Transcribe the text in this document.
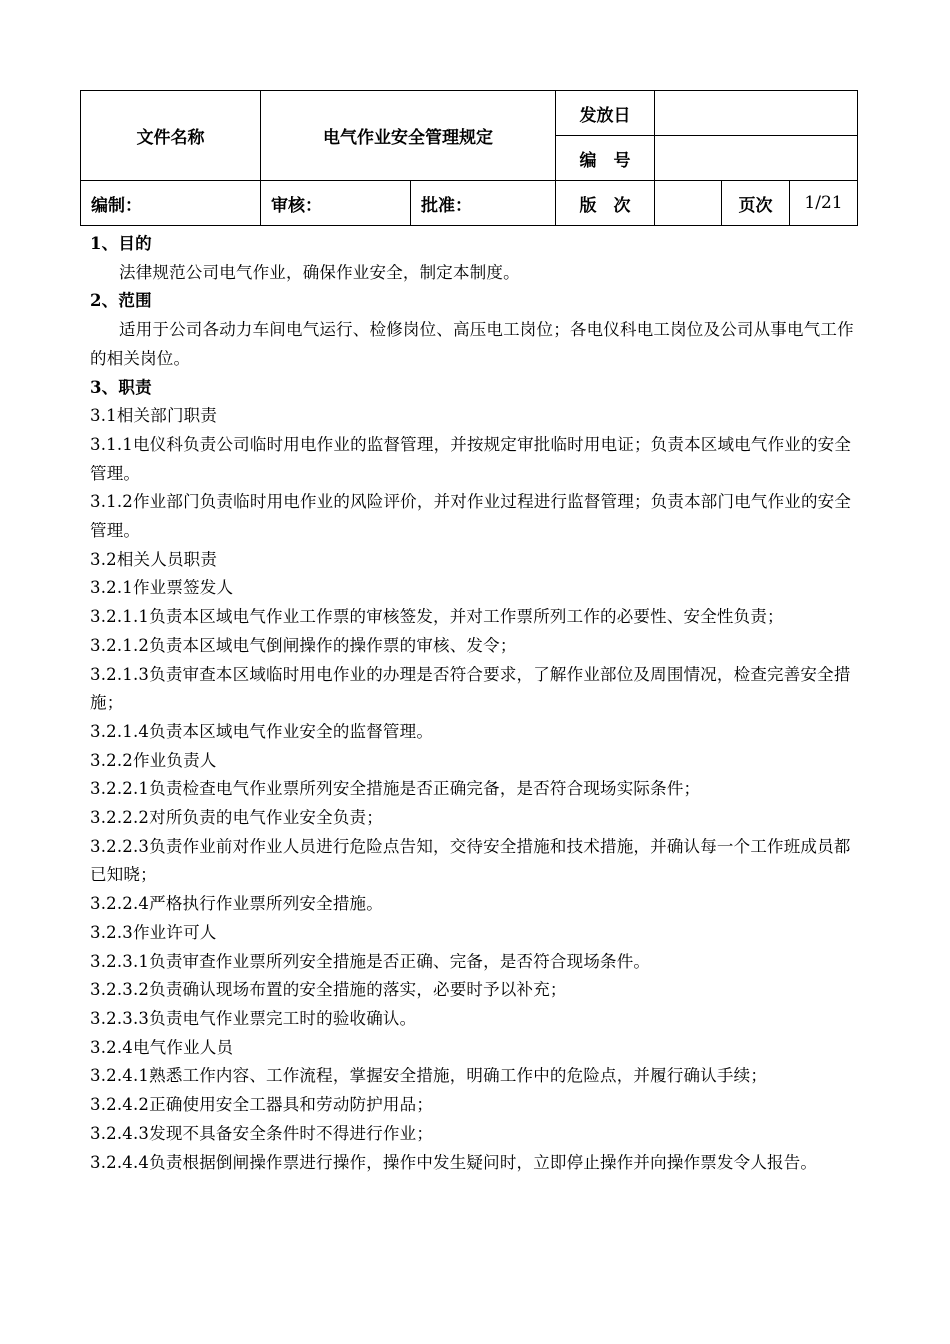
文件名称	电气作业安全管理规定		发放日			
			编　号			
编制：	审核：	批准：	版　次		页次	1/21

1、目的

法律规范公司电气作业，确保作业安全，制定本制度。

2、范围

适用于公司各动力车间电气运行、检修岗位、高压电工岗位；各电仪科电工岗位及公司从事电气工作的相关岗位。

3、职责

3.1相关部门职责

3.1.1电仪科负责公司临时用电作业的监督管理，并按规定审批临时用电证；负责本区域电气作业的安全管理。

3.1.2作业部门负责临时用电作业的风险评价，并对作业过程进行监督管理；负责本部门电气作业的安全管理。

3.2相关人员职责

3.2.1作业票签发人

3.2.1.1负责本区域电气作业工作票的审核签发，并对工作票所列工作的必要性、安全性负责；

3.2.1.2负责本区域电气倒闸操作的操作票的审核、发令；

3.2.1.3负责审查本区域临时用电作业的办理是否符合要求，了解作业部位及周围情况，检查完善安全措施；

3.2.1.4负责本区域电气作业安全的监督管理。

3.2.2作业负责人

3.2.2.1负责检查电气作业票所列安全措施是否正确完备，是否符合现场实际条件；

3.2.2.2对所负责的电气作业安全负责；

3.2.2.3负责作业前对作业人员进行危险点告知，交待安全措施和技术措施，并确认每一个工作班成员都已知晓；

3.2.2.4严格执行作业票所列安全措施。

3.2.3作业许可人

3.2.3.1负责审查作业票所列安全措施是否正确、完备，是否符合现场条件。

3.2.3.2负责确认现场布置的安全措施的落实，必要时予以补充；

3.2.3.3负责电气作业票完工时的验收确认。

3.2.4电气作业人员

3.2.4.1熟悉工作内容、工作流程，掌握安全措施，明确工作中的危险点，并履行确认手续；

3.2.4.2正确使用安全工器具和劳动防护用品；

3.2.4.3发现不具备安全条件时不得进行作业；

3.2.4.4负责根据倒闸操作票进行操作，操作中发生疑问时，立即停止操作并向操作票发令人报告。
